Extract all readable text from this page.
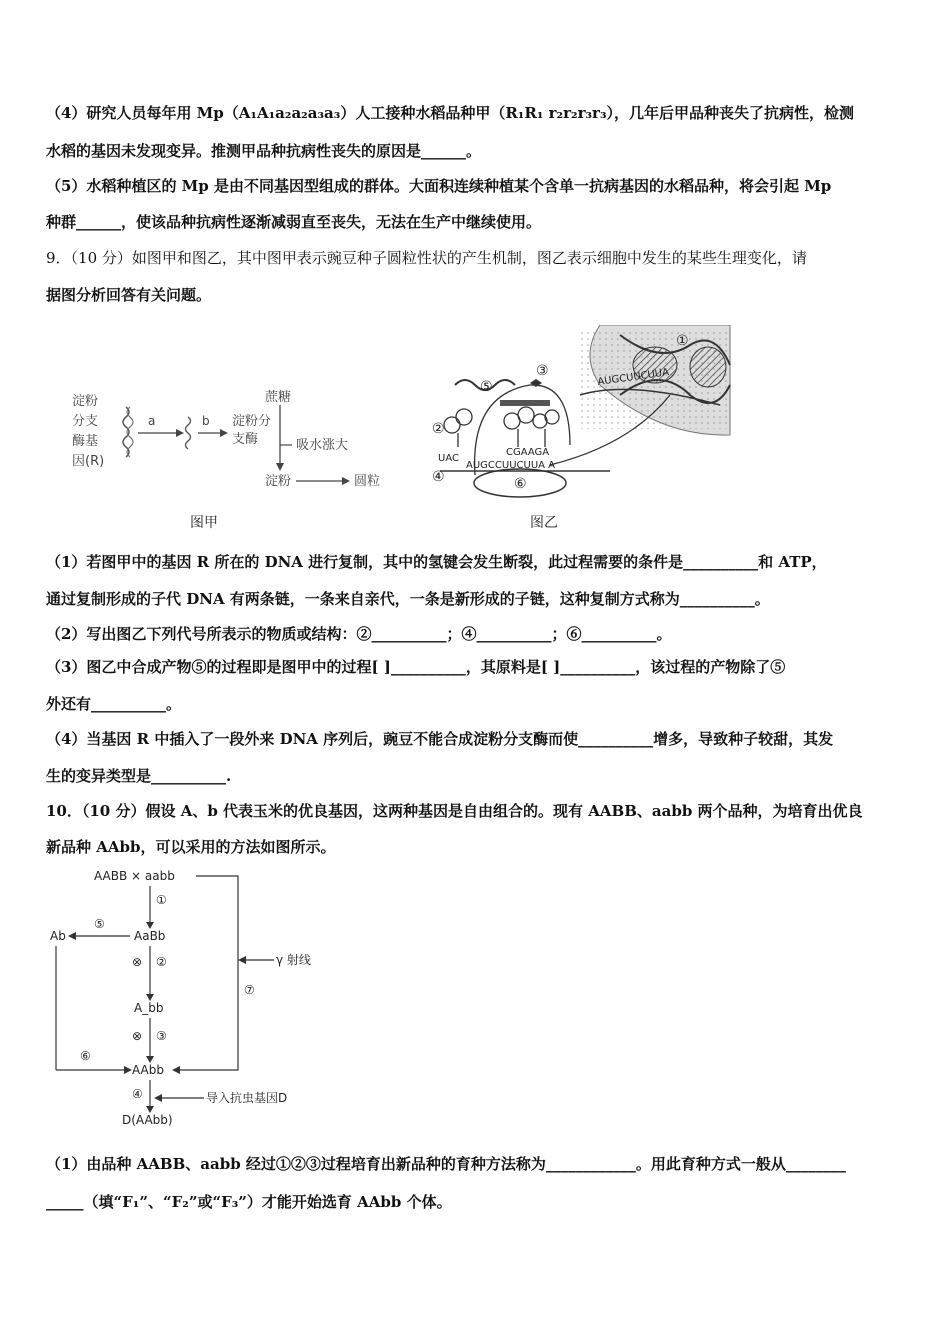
（4）研究人员每年用 Mp（A₁A₁a₂a₂a₃a₃）人工接种水稻品种甲（R₁R₁ r₂r₂r₃r₃），几年后甲品种丧失了抗病性，检测
水稻的基因未发现变异。推测甲品种抗病性丧失的原因是______。
（5）水稻种植区的 Mp 是由不同基因型组成的群体。大面积连续种植某个含单一抗病基因的水稻品种，将会引起 Mp
种群______，使该品种抗病性逐渐减弱直至丧失，无法在生产中继续使用。
9．（10 分）如图甲和图乙，其中图甲表示豌豆种子圆粒性状的产生机制，图乙表示细胞中发生的某些生理变化，请
据图分析回答有关问题。
淀粉
分支
酶基
因(R)
a	b 淀粉分
支酶
蔗糖
吸水涨大
淀粉	圆粒
图甲
①
AUGCUUCUUA
③
⑤
②
UAC
CGAAGA
AUGCCUUCUUA A
④	⑥
图乙
（1）若图甲中的基因 R 所在的 DNA 进行复制，其中的氢键会发生断裂，此过程需要的条件是__________和 ATP，
通过复制形成的子代 DNA 有两条链，一条来自亲代，一条是新形成的子链，这种复制方式称为__________。
（2）写出图乙下列代号所表示的物质或结构：②__________；④__________；⑥__________。
（3）图乙中合成产物⑤的过程即是图甲中的过程[ ]__________，其原料是[ ]__________，该过程的产物除了⑤
外还有__________。
（4）当基因 R 中插入了一段外来 DNA 序列后，豌豆不能合成淀粉分支酶而使__________增多，导致种子较甜，其发
生的变异类型是__________.
10．（10 分）假设 A、b 代表玉米的优良基因，这两种基因是自由组合的。现有 AABB、aabb 两个品种，为培育出优良
新品种 AAbb，可以采用的方法如图所示。
AABB × aabb
Ab	AaBb
A_bb
AAbb
D(AAbb)
γ 射线
导入抗虫基因D
①
②
⊗
③
⊗
④
⑤
⑥
⑦
（1）由品种 AABB、aabb 经过①②③过程培育出新品种的育种方法称为____________。用此育种方式一般从________
_____（填“F₁”、“F₂”或“F₃”）才能开始选育 AAbb 个体。
